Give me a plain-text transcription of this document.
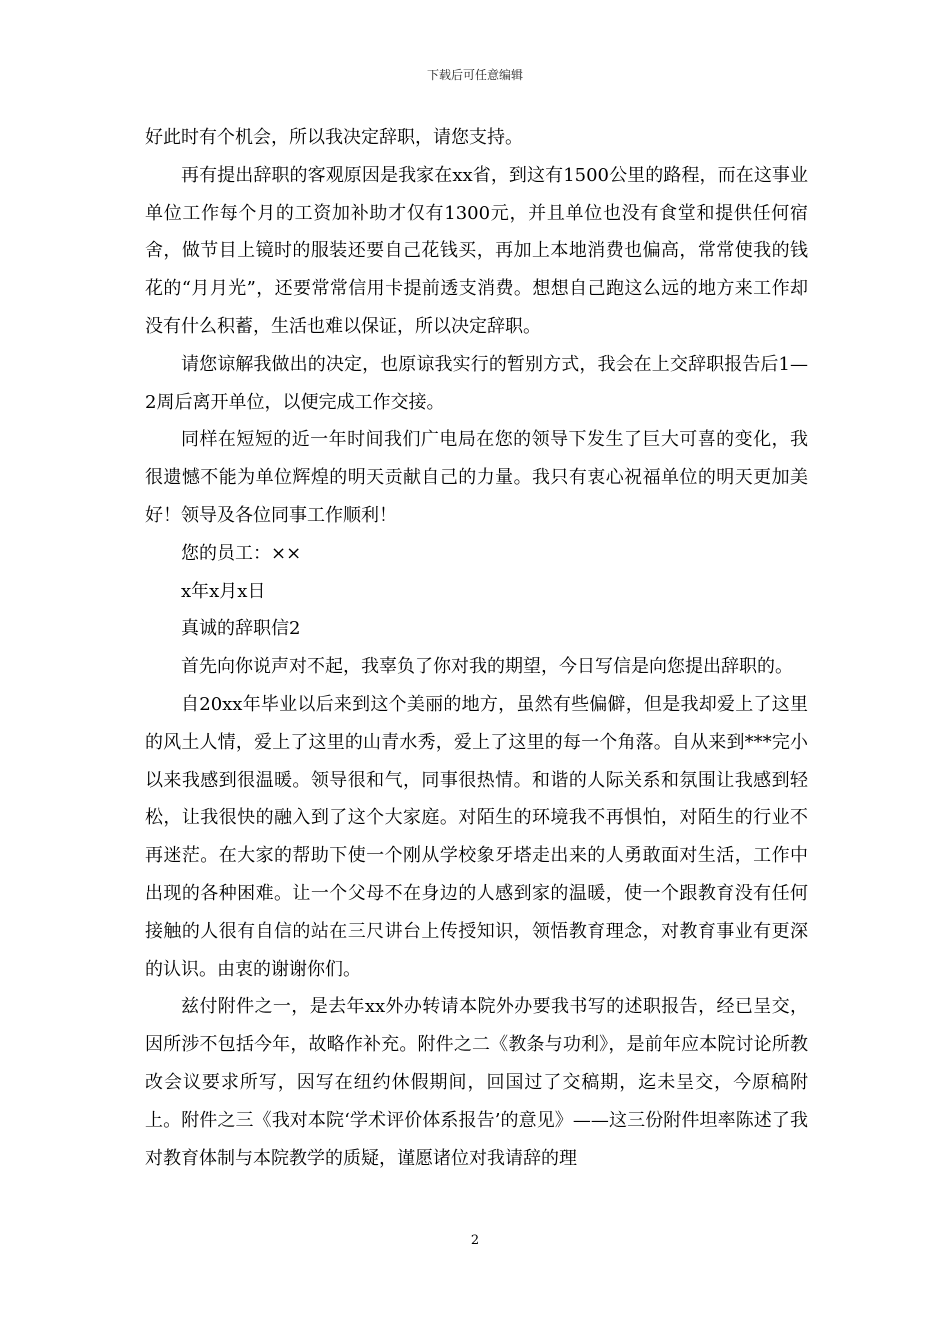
下载后可任意编辑

好此时有个机会，所以我决定辞职，请您支持。

再有提出辞职的客观原因是我家在xx省，到这有1500公里的路程，而在这事业单位工作每个月的工资加补助才仅有1300元，并且单位也没有食堂和提供任何宿舍，做节目上镜时的服装还要自己花钱买，再加上本地消费也偏高，常常使我的钱花的“月月光”，还要常常信用卡提前透支消费。想想自己跑这么远的地方来工作却没有什么积蓄，生活也难以保证，所以决定辞职。

请您谅解我做出的决定，也原谅我实行的暂别方式，我会在上交辞职报告后1—2周后离开单位，以便完成工作交接。

同样在短短的近一年时间我们广电局在您的领导下发生了巨大可喜的变化，我很遗憾不能为单位辉煌的明天贡献自己的力量。我只有衷心祝福单位的明天更加美好！领导及各位同事工作顺利！

您的员工：××

x年x月x日

真诚的辞职信2

首先向你说声对不起，我辜负了你对我的期望，今日写信是向您提出辞职的。

自20xx年毕业以后来到这个美丽的地方，虽然有些偏僻，但是我却爱上了这里的风土人情，爱上了这里的山青水秀，爱上了这里的每一个角落。自从来到***完小以来我感到很温暖。领导很和气，同事很热情。和谐的人际关系和氛围让我感到轻松，让我很快的融入到了这个大家庭。对陌生的环境我不再惧怕，对陌生的行业不再迷茫。在大家的帮助下使一个刚从学校象牙塔走出来的人勇敢面对生活，工作中出现的各种困难。让一个父母不在身边的人感到家的温暖，使一个跟教育没有任何接触的人很有自信的站在三尺讲台上传授知识，领悟教育理念，对教育事业有更深的认识。由衷的谢谢你们。

兹付附件之一，是去年xx外办转请本院外办要我书写的述职报告，经已呈交，因所涉不包括今年，故略作补充。附件之二《教条与功利》，是前年应本院讨论所教改会议要求所写，因写在纽约休假期间，回国过了交稿期，迄未呈交，今原稿附上。附件之三《我对本院‘学术评价体系报告’的意见》——这三份附件坦率陈述了我对教育体制与本院教学的质疑，谨愿诸位对我请辞的理

2
